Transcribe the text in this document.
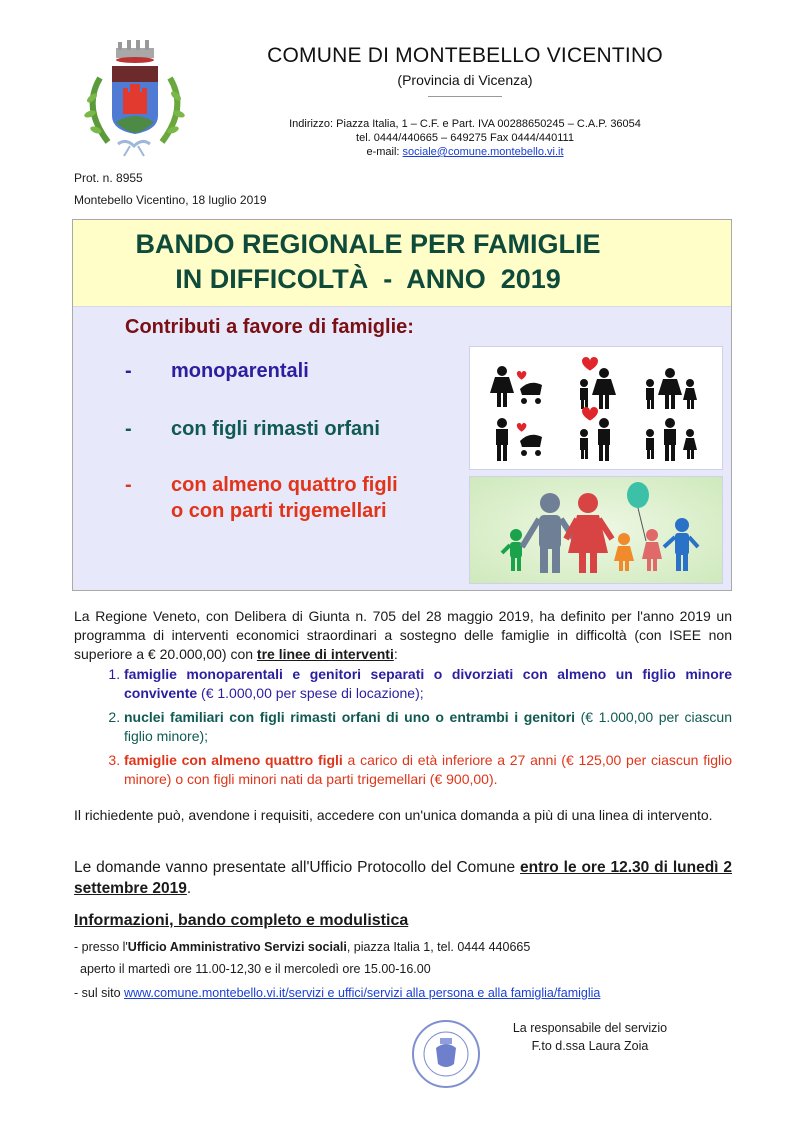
COMUNE DI MONTEBELLO VICENTINO
(Provincia di Vicenza)
Indirizzo: Piazza Italia, 1 – C.F. e Part. IVA 00288650245 – C.A.P. 36054
tel. 0444/440665 – 649275 Fax 0444/440111
e-mail: sociale@comune.montebello.vi.it
Prot. n. 8955
Montebello Vicentino, 18 luglio 2019
BANDO REGIONALE PER FAMIGLIE
IN DIFFICOLTÀ  -  ANNO  2019
Contributi a favore di famiglie:
- monoparentali
- con figli rimasti orfani
- con almeno quattro figli
o con parti trigemellari
La Regione Veneto, con Delibera di Giunta n. 705 del 28 maggio 2019, ha definito per l'anno 2019 un programma di interventi economici straordinari a sostegno delle famiglie in difficoltà (con ISEE non superiore a € 20.000,00) con tre linee di interventi:
1. famiglie monoparentali e genitori separati o divorziati con almeno un figlio minore convivente (€ 1.000,00 per spese di locazione);
2. nuclei familiari con figli rimasti orfani di uno o entrambi i genitori (€ 1.000,00 per ciascun figlio minore);
3. famiglie con almeno quattro figli a carico di età inferiore a 27 anni (€ 125,00 per ciascun figlio minore) o con figli minori nati da parti trigemellari (€ 900,00).
Il richiedente può, avendone i requisiti, accedere con un'unica domanda a più di una linea di intervento.
Le domande vanno presentate all'Ufficio Protocollo del Comune entro le ore 12.30 di lunedì 2 settembre 2019.
Informazioni, bando completo e modulistica
- presso l'Ufficio Amministrativo Servizi sociali, piazza Italia 1, tel. 0444 440665
aperto il martedì ore 11.00-12,30 e il mercoledì ore 15.00-16.00
- sul sito www.comune.montebello.vi.it/servizi e uffici/servizi alla persona e alla famiglia/famiglia
La responsabile del servizio
F.to d.ssa Laura Zoia
